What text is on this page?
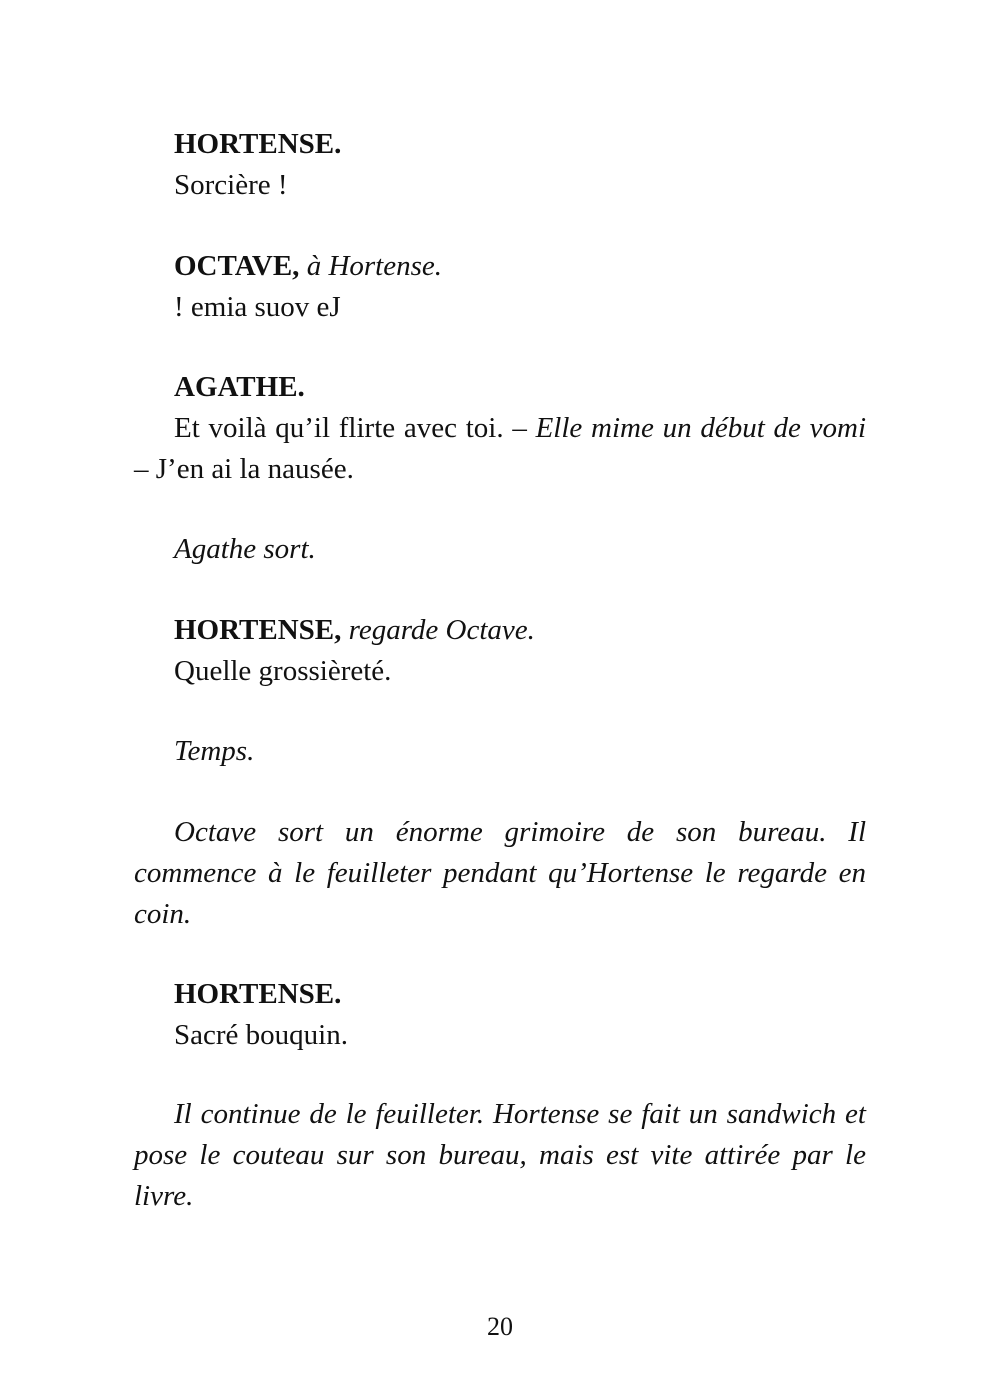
HORTENSE.
Sorcière !
OCTAVE, à Hortense.
! emia suov eJ
AGATHE.
Et voilà qu’il flirte avec toi. – Elle mime un début de vomi – J’en ai la nausée.
Agathe sort.
HORTENSE, regarde Octave.
Quelle grossièreté.
Temps.
Octave sort un énorme grimoire de son bureau. Il commence à le feuilleter pendant qu’Hortense le regarde en coin.
HORTENSE.
Sacré bouquin.
Il continue de le feuilleter. Hortense se fait un sandwich et pose le couteau sur son bureau, mais est vite attirée par le livre.
20
